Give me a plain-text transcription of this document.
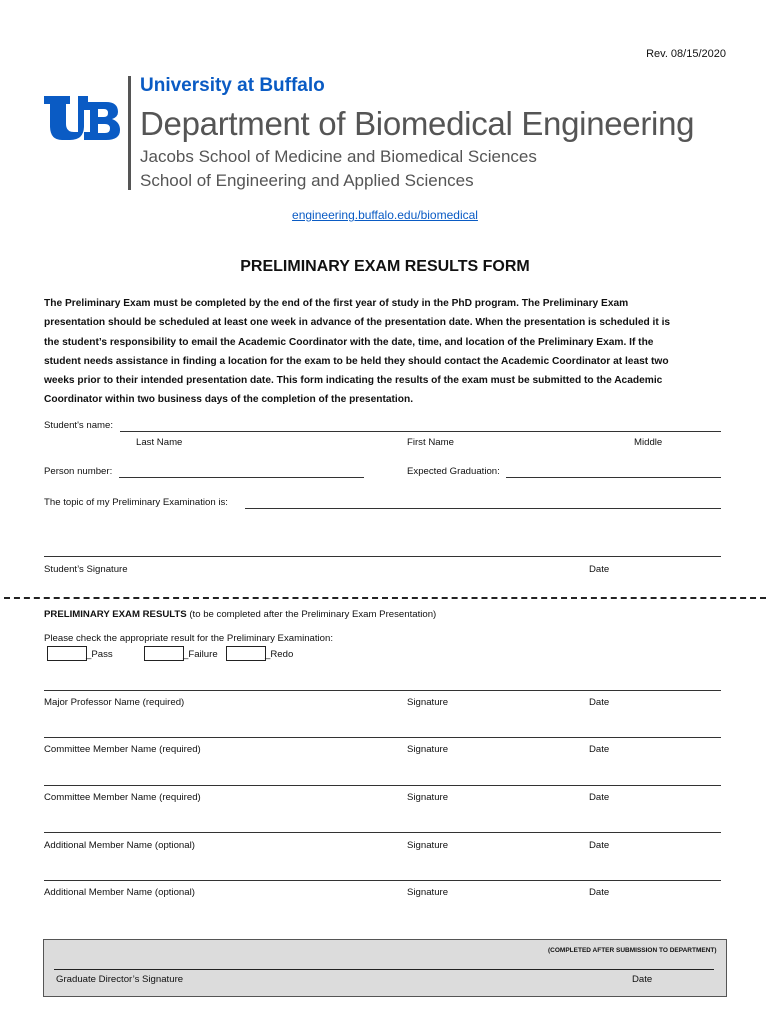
Rev. 08/15/2020
University at Buffalo
Department of Biomedical Engineering
Jacobs School of Medicine and Biomedical Sciences
School of Engineering and Applied Sciences
engineering.buffalo.edu/biomedical
PRELIMINARY EXAM RESULTS FORM
The Preliminary Exam must be completed by the end of the first year of study in the PhD program. The Preliminary Exam
presentation should be scheduled at least one week in advance of the presentation date. When the presentation is scheduled it is
the student’s responsibility to email the Academic Coordinator with the date, time, and location of the Preliminary Exam. If the
student needs assistance in finding a location for the exam to be held they should contact the Academic Coordinator at least two
weeks prior to their intended presentation date. This form indicating the results of the exam must be submitted to the Academic
Coordinator within two business days of the completion of the presentation.
Student's name:
Last Name	First Name	Middle
Person number:	Expected Graduation:
The topic of my Preliminary Examination is:
Student’s Signature	Date
PRELIMINARY EXAM RESULTS (to be completed after the Preliminary Exam Presentation)
Please check the appropriate result for the Preliminary Examination:
_Pass	_Failure	_Redo
Major Professor Name (required)	Signature	Date
Committee Member Name (required)	Signature	Date
Committee Member Name (required)	Signature	Date
Additional Member Name (optional)	Signature	Date
Additional Member Name (optional)	Signature	Date
(COMPLETED AFTER SUBMISSION TO DEPARTMENT)
Graduate Director’s Signature	Date
